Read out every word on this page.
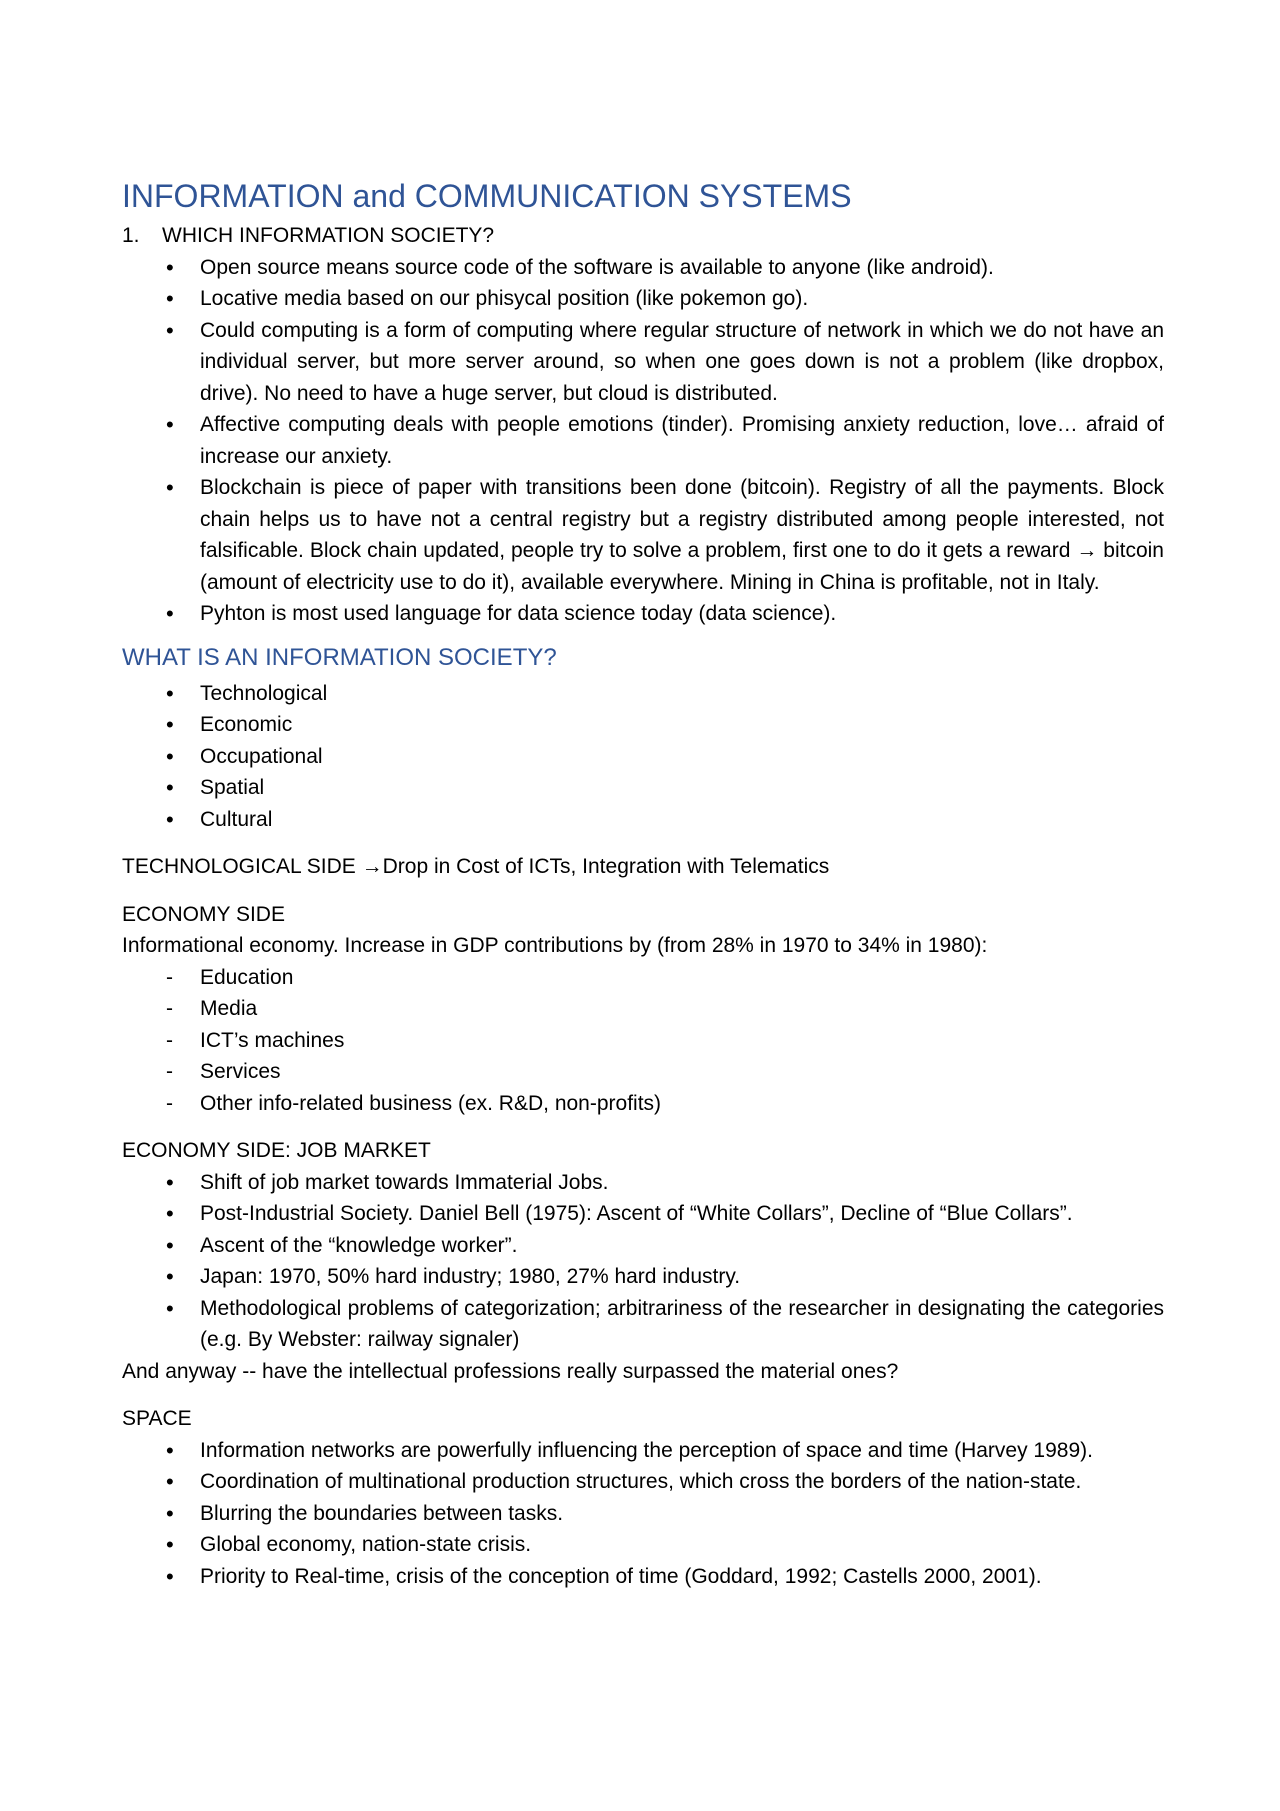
INFORMATION and COMMUNICATION SYSTEMS
1.	WHICH INFORMATION SOCIETY?
• Open source means source code of the software is available to anyone (like android).
• Locative media based on our phisycal position (like pokemon go).
• Could computing is a form of computing where regular structure of network in which we do not have an individual server, but more server around, so when one goes down is not a problem (like dropbox, drive). No need to have a huge server, but cloud is distributed.
• Affective computing deals with people emotions (tinder). Promising anxiety reduction, love… afraid of increase our anxiety.
• Blockchain is piece of paper with transitions been done (bitcoin). Registry of all the payments. Block chain helps us to have not a central registry but a registry distributed among people interested, not falsificable. Block chain updated, people try to solve a problem, first one to do it gets a reward → bitcoin (amount of electricity use to do it), available everywhere. Mining in China is profitable, not in Italy.
• Pyhton is most used language for data science today (data science).
WHAT IS AN INFORMATION SOCIETY?
• Technological
• Economic
• Occupational
• Spatial
• Cultural

TECHNOLOGICAL SIDE →Drop in Cost of ICTs, Integration with Telematics

ECONOMY SIDE

Informational economy. Increase in GDP contributions by (from 28% in 1970 to 34% in 1980):

- Education
- Media
- ICT’s machines
- Services
- Other info-related business (ex. R&D, non-profits)

ECONOMY SIDE: JOB MARKET

• Shift of job market towards Immaterial Jobs.
• Post-Industrial Society. Daniel Bell (1975): Ascent of “White Collars”, Decline of “Blue Collars”.
• Ascent of the “knowledge worker”.
• Japan: 1970, 50% hard industry; 1980, 27% hard industry.
• Methodological problems of categorization; arbitrariness of the researcher in designating the categories (e.g. By Webster: railway signaler)

And anyway -- have the intellectual professions really surpassed the material ones?

SPACE

• Information networks are powerfully influencing the perception of space and time (Harvey 1989).
• Coordination of multinational production structures, which cross the borders of the nation-state.
• Blurring the boundaries between tasks.
• Global economy, nation-state crisis.
• Priority to Real-time, crisis of the conception of time (Goddard, 1992; Castells 2000, 2001).
